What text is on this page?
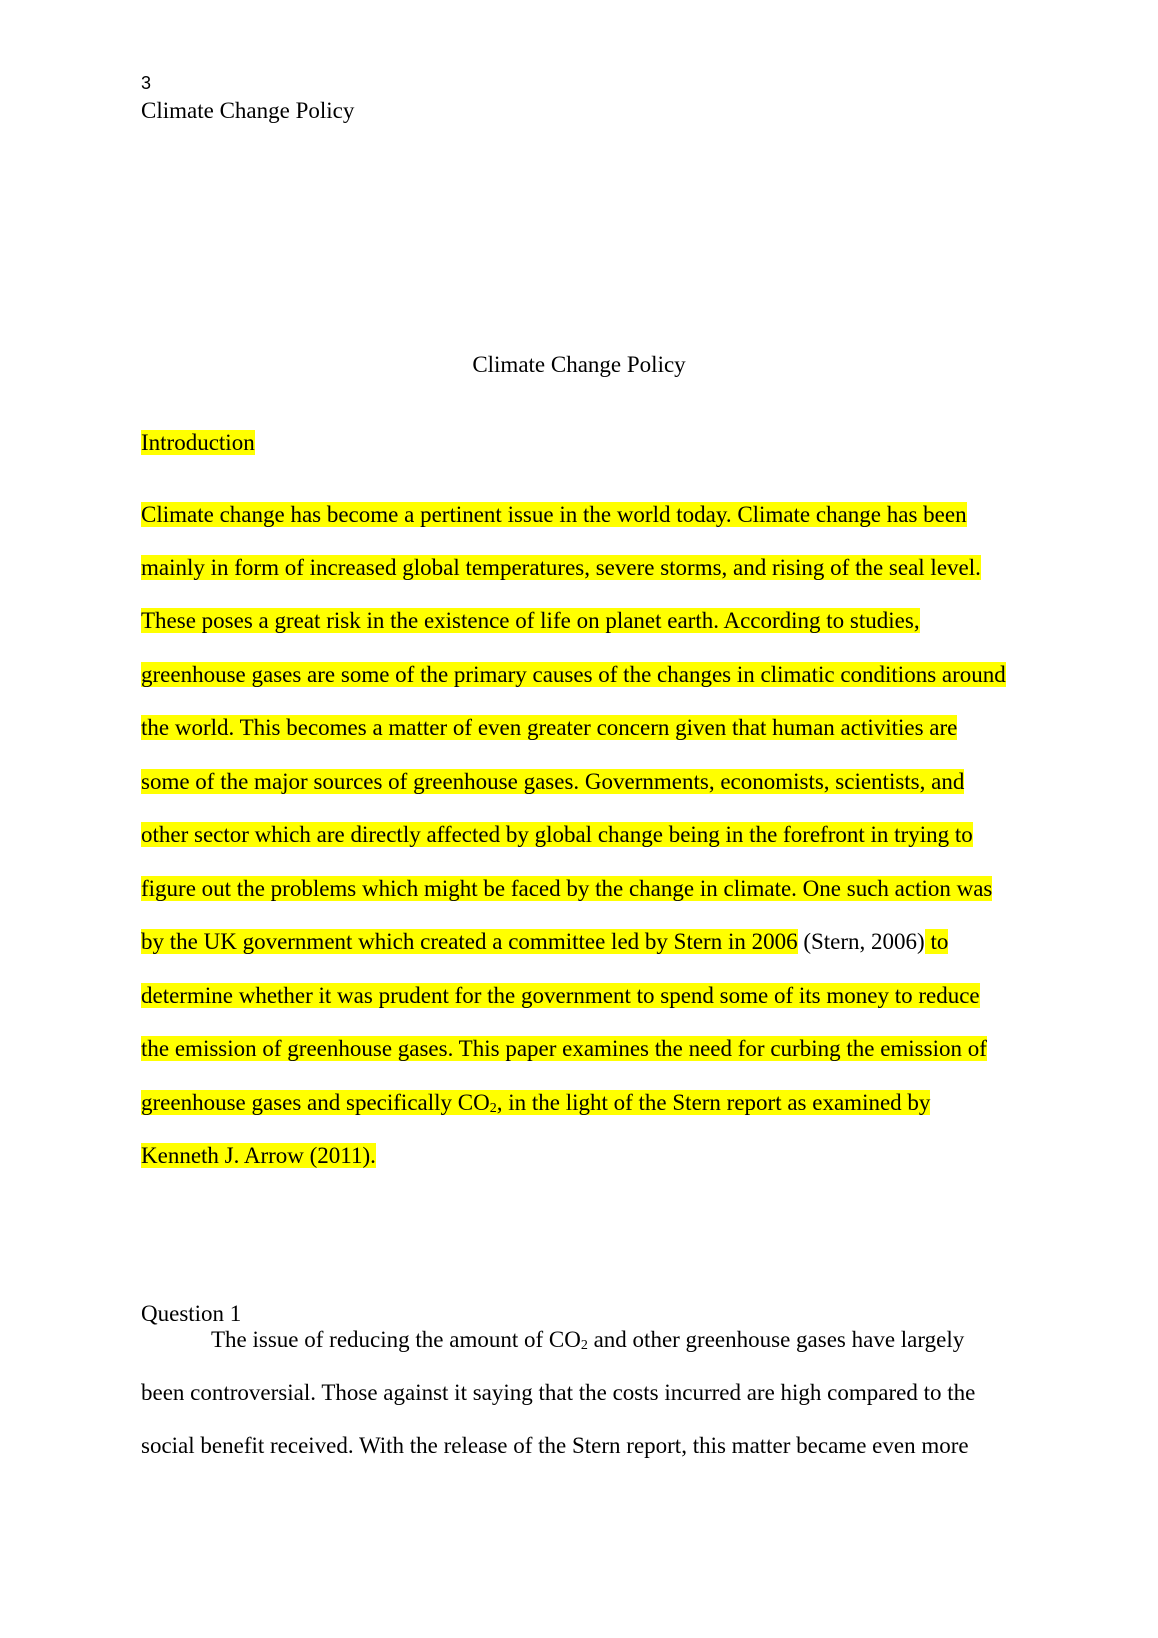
3
Climate Change Policy
Climate Change Policy
Introduction
Climate change has become a pertinent issue in the world today. Climate change has been
mainly in form of increased global temperatures, severe storms, and rising of the seal level.
These poses a great risk in the existence of life on planet earth. According to studies,
greenhouse gases are some of the primary causes of the changes in climatic conditions around
the world. This becomes a matter of even greater concern given that human activities are
some of the major sources of greenhouse gases. Governments, economists, scientists, and
other sector which are directly affected by global change being in the forefront in trying to
figure out the problems which might be faced by the change in climate. One such action was
by the UK government which created a committee led by Stern in 2006 (Stern, 2006) to
determine whether it was prudent for the government to spend some of its money to reduce
the emission of greenhouse gases. This paper examines the need for curbing the emission of
greenhouse gases and specifically $CO_2$, in the light of the Stern report as examined by
Kenneth J. Arrow (2011).
Question 1
The issue of reducing the amount of $CO_2$ and other greenhouse gases have largely
been controversial. Those against it saying that the costs incurred are high compared to the
social benefit received. With the release of the Stern report, this matter became even more
